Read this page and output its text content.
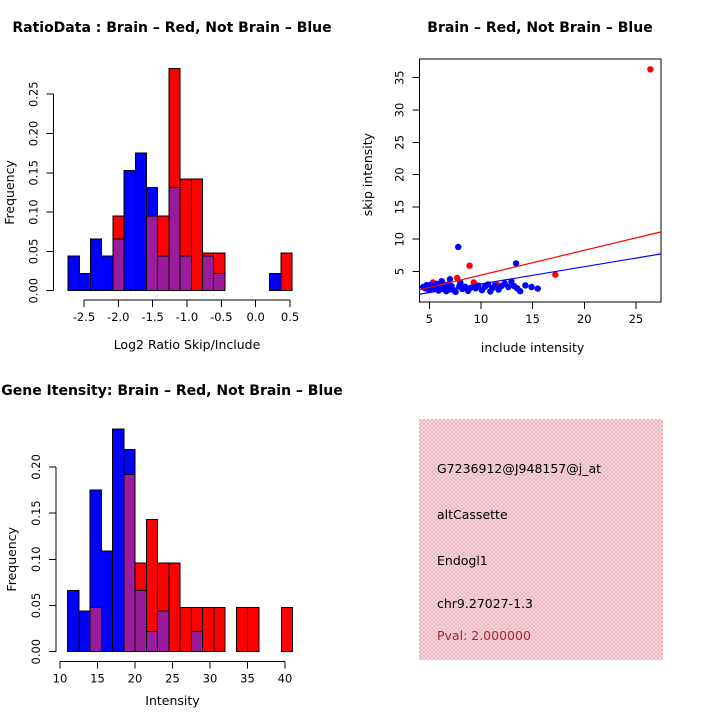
-2.5 -2.0 -1.5 -1.0 -0.5 0.0 0.5
0.00
0.05
0.10
0.15
0.20
0.25
Log2 Ratio Skip/Include
Frequency
RatioData : Brain – Red, Not Brain – Blue
5	10	15	20	25
5
10
15
20
25
30
35
include intensity
skip intensity
Brain – Red, Not Brain – Blue
10 15 20 25 30 35 40
0.00
0.05
0.10
0.15
0.20
Intensity
Frequency
Gene Itensity: Brain – Red, Not Brain – Blue
G7236912@J948157@j_at
altCassette
Endogl1
chr9.27027-1.3
Pval: 2.000000
